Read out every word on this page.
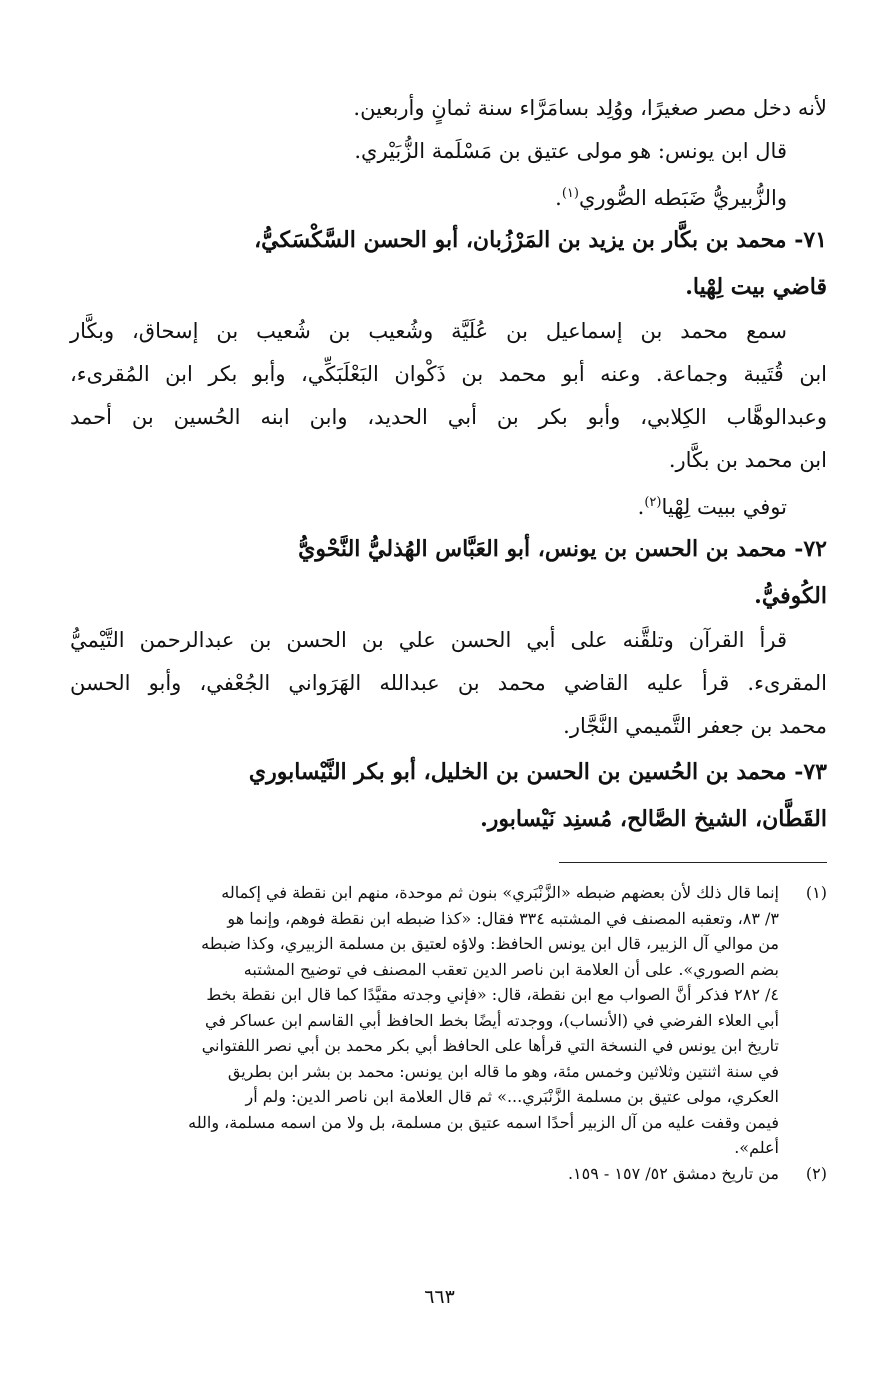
لأنه دخل مصر صغيرًا، ووُلِد بسامَرَّاء سنة ثمانٍ وأربعين.

قال ابن يونس: هو مولى عتيق بن مَسْلَمة الزُّبَيْري.

والزُّبيريُّ ضَبَطه الصُّوري$^{(١)}$.

٧١- محمد بن بكَّار بن يزيد بن المَرْزُبان، أبو الحسن السَّكْسَكيُّ،

قاضي بيت لِهْيا.

سمع محمد بن إسماعيل بن عُلَيَّة وشُعيب بن شُعيب بن إسحاق، وبكَّار

ابن قُتَيبة وجماعة. وعنه أبو محمد بن ذَكْوان البَعْلَبَكِّي، وأبو بكر ابن المُقرىء،

وعبدالوهَّاب الكِلابي، وأبو بكر بن أبي الحديد، وابن ابنه الحُسين بن أحمد

ابن محمد بن بكَّار.

توفي ببيت لِهْيا$^{(٢)}$.

٧٢- محمد بن الحسن بن يونس، أبو العَبَّاس الهُذليُّ النَّحْويُّ

الكُوفيُّ.

قرأ القرآن وتلقَّنه على أبي الحسن علي بن الحسن بن عبدالرحمن التَّيْميُّ

المقرىء. قرأ عليه القاضي محمد بن عبدالله الهَرَواني الجُعْفي، وأبو الحسن

محمد بن جعفر التَّميمي النَّجَّار.

٧٣- محمد بن الحُسين بن الحسن بن الخليل، أبو بكر النَّيْسابوري

القَطَّان، الشيخ الصَّالح، مُسنِد نَيْسابور.

(١)إنما قال ذلك لأن بعضهم ضبطه «الزَّنْبَري» بنون ثم موحدة، منهم ابن نقطة في إكماله
٣/ ٨٣، وتعقبه المصنف في المشتبه ٣٣٤ فقال: «كذا ضبطه ابن نقطة فوهم، وإنما هو
من موالي آل الزبير، قال ابن يونس الحافظ: ولاؤه لعتيق بن مسلمة الزبيري، وكذا ضبطه
بضم الصوري». على أن العلامة ابن ناصر الدين تعقب المصنف في توضيح المشتبه
٤/ ٢٨٢ فذكر أنَّ الصواب مع ابن نقطة، قال: «فإني وجدته مقيَّدًا كما قال ابن نقطة بخط
أبي العلاء الفرضي في (الأنساب)، ووجدته أيضًا بخط الحافظ أبي القاسم ابن عساكر في
تاريخ ابن يونس في النسخة التي قرأها على الحافظ أبي بكر محمد بن أبي نصر اللفتواني
في سنة اثنتين وثلاثين وخمس مئة، وهو ما قاله ابن يونس: محمد بن بشر ابن بطريق
العكري، مولى عتيق بن مسلمة الزَّنْبَري...» ثم قال العلامة ابن ناصر الدين: ولم أر
فيمن وقفت عليه من آل الزبير أحدًا اسمه عتيق بن مسلمة، بل ولا من اسمه مسلمة، والله
أعلم».
(٢)من تاريخ دمشق ٥٢/ ١٥٧ - ١٥٩.
٦٦٣
